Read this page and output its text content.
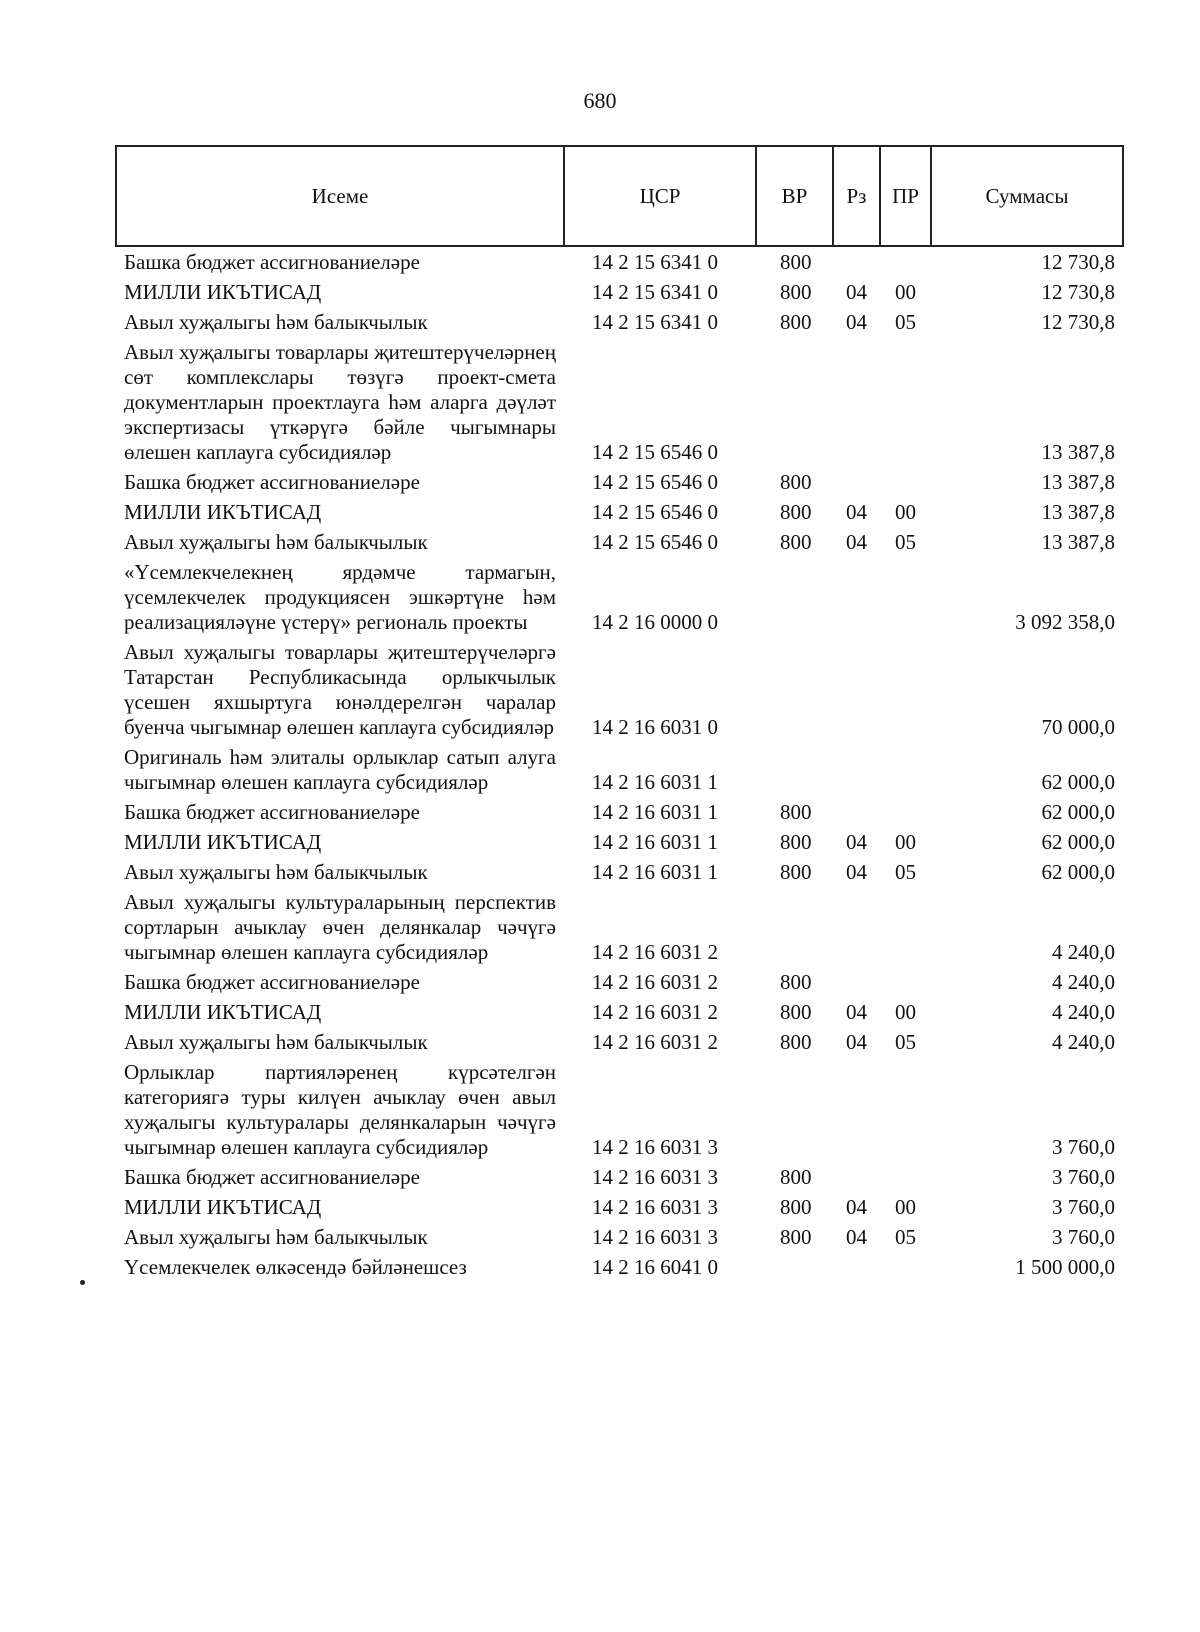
680
Исеме	ЦСР	ВР	Рз	ПР	Суммасы
Башка бюджет ассигнованиеләре	14 2 15 6341 0	800			12 730,8
МИЛЛИ ИКЪТИСАД	14 2 15 6341 0	800	04	00	12 730,8
Авыл хуҗалыгы һәм балыкчылык	14 2 15 6341 0	800	04	05	12 730,8
Авыл хуҗалыгы товарлары җитештерүчеләрнең сөт комплекслары төзүгә проект-смета документларын проектлауга һәм аларга дәүләт экспертизасы үткәрүгә бәйле чыгымнары өлешен каплауга субсидияләр	14 2 15 6546 0				13 387,8
Башка бюджет ассигнованиеләре	14 2 15 6546 0	800			13 387,8
МИЛЛИ ИКЪТИСАД	14 2 15 6546 0	800	04	00	13 387,8
Авыл хуҗалыгы һәм балыкчылык	14 2 15 6546 0	800	04	05	13 387,8
«Үсемлекчелекнең ярдәмче тармагын, үсемлекчелек продукциясен эшкәртүне һәм реализацияләүне үстерү» региональ проекты	14 2 16 0000 0				3 092 358,0
Авыл хуҗалыгы товарлары җитештерүчеләргә Татарстан Республикасында орлыкчылык үсешен яхшыртуга юнәлдерелгән чаралар буенча чыгымнар өлешен каплауга субсидияләр	14 2 16 6031 0				70 000,0
Оригиналь һәм элиталы орлыклар сатып алуга чыгымнар өлешен каплауга субсидияләр	14 2 16 6031 1				62 000,0
Башка бюджет ассигнованиеләре	14 2 16 6031 1	800			62 000,0
МИЛЛИ ИКЪТИСАД	14 2 16 6031 1	800	04	00	62 000,0
Авыл хуҗалыгы һәм балыкчылык	14 2 16 6031 1	800	04	05	62 000,0
Авыл хуҗалыгы культураларының перспектив сортларын ачыклау өчен делянкалар чәчүгә чыгымнар өлешен каплауга субсидияләр	14 2 16 6031 2				4 240,0
Башка бюджет ассигнованиеләре	14 2 16 6031 2	800			4 240,0
МИЛЛИ ИКЪТИСАД	14 2 16 6031 2	800	04	00	4 240,0
Авыл хуҗалыгы һәм балыкчылык	14 2 16 6031 2	800	04	05	4 240,0
Орлыклар партияләренең күрсәтелгән категориягә туры килүен ачыклау өчен авыл хуҗалыгы культуралары делянкаларын чәчүгә чыгымнар өлешен каплауга субсидияләр	14 2 16 6031 3				3 760,0
Башка бюджет ассигнованиеләре	14 2 16 6031 3	800			3 760,0
МИЛЛИ ИКЪТИСАД	14 2 16 6031 3	800	04	00	3 760,0
Авыл хуҗалыгы һәм балыкчылык	14 2 16 6031 3	800	04	05	3 760,0
Үсемлекчелек өлкәсендә бәйләнешсез	14 2 16 6041 0				1 500 000,0
